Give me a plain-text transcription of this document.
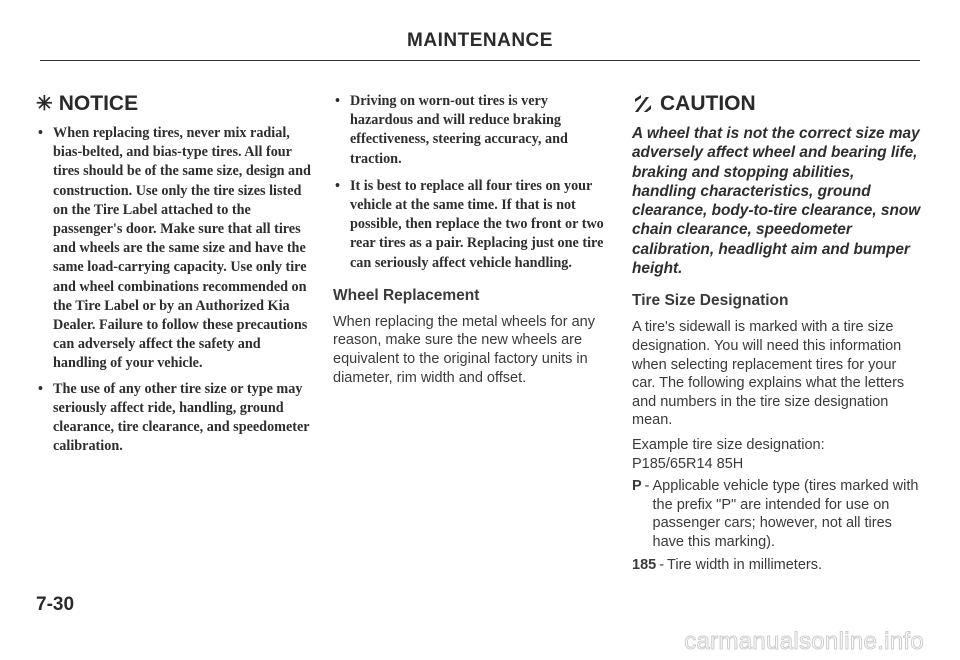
MAINTENANCE
✳ NOTICE
• When replacing tires, never mix radial, bias-belted, and bias-type tires. All four tires should be of the same size, design and construction. Use only the tire sizes listed on the Tire Label attached to the passenger's door. Make sure that all tires and wheels are the same size and have the same load-carrying capacity. Use only tire and wheel combinations recommended on the Tire Label or by an Authorized Kia Dealer. Failure to follow these precautions can adversely affect the safety and handling of your vehicle.
• The use of any other tire size or type may seriously affect ride, handling, ground clearance, tire clearance, and speedometer calibration.
• Driving on worn-out tires is very hazardous and will reduce braking effectiveness, steering accuracy, and traction.
• It is best to replace all four tires on your vehicle at the same time. If that is not possible, then replace the two front or two rear tires as a pair. Replacing just one tire can seriously affect vehicle handling.
Wheel Replacement

When replacing the metal wheels for any reason, make sure the new wheels are equivalent to the original factory units in diameter, rim width and offset.

CAUTION

A wheel that is not the correct size may adversely affect wheel and bearing life, braking and stopping abilities, handling characteristics, ground clearance, body-to-tire clearance, snow chain clearance, speedometer calibration, headlight aim and bumper height.

Tire Size Designation

A tire's sidewall is marked with a tire size designation. You will need this information when selecting replacement tires for your car. The following explains what the letters and numbers in the tire size designation mean.

Example tire size designation:
P185/65R14 85H

P - Applicable vehicle type (tires marked with the prefix "P" are intended for use on passenger cars; however, not all tires have this marking).
185 - Tire width in millimeters.
7-30
carmanualsonline.info
